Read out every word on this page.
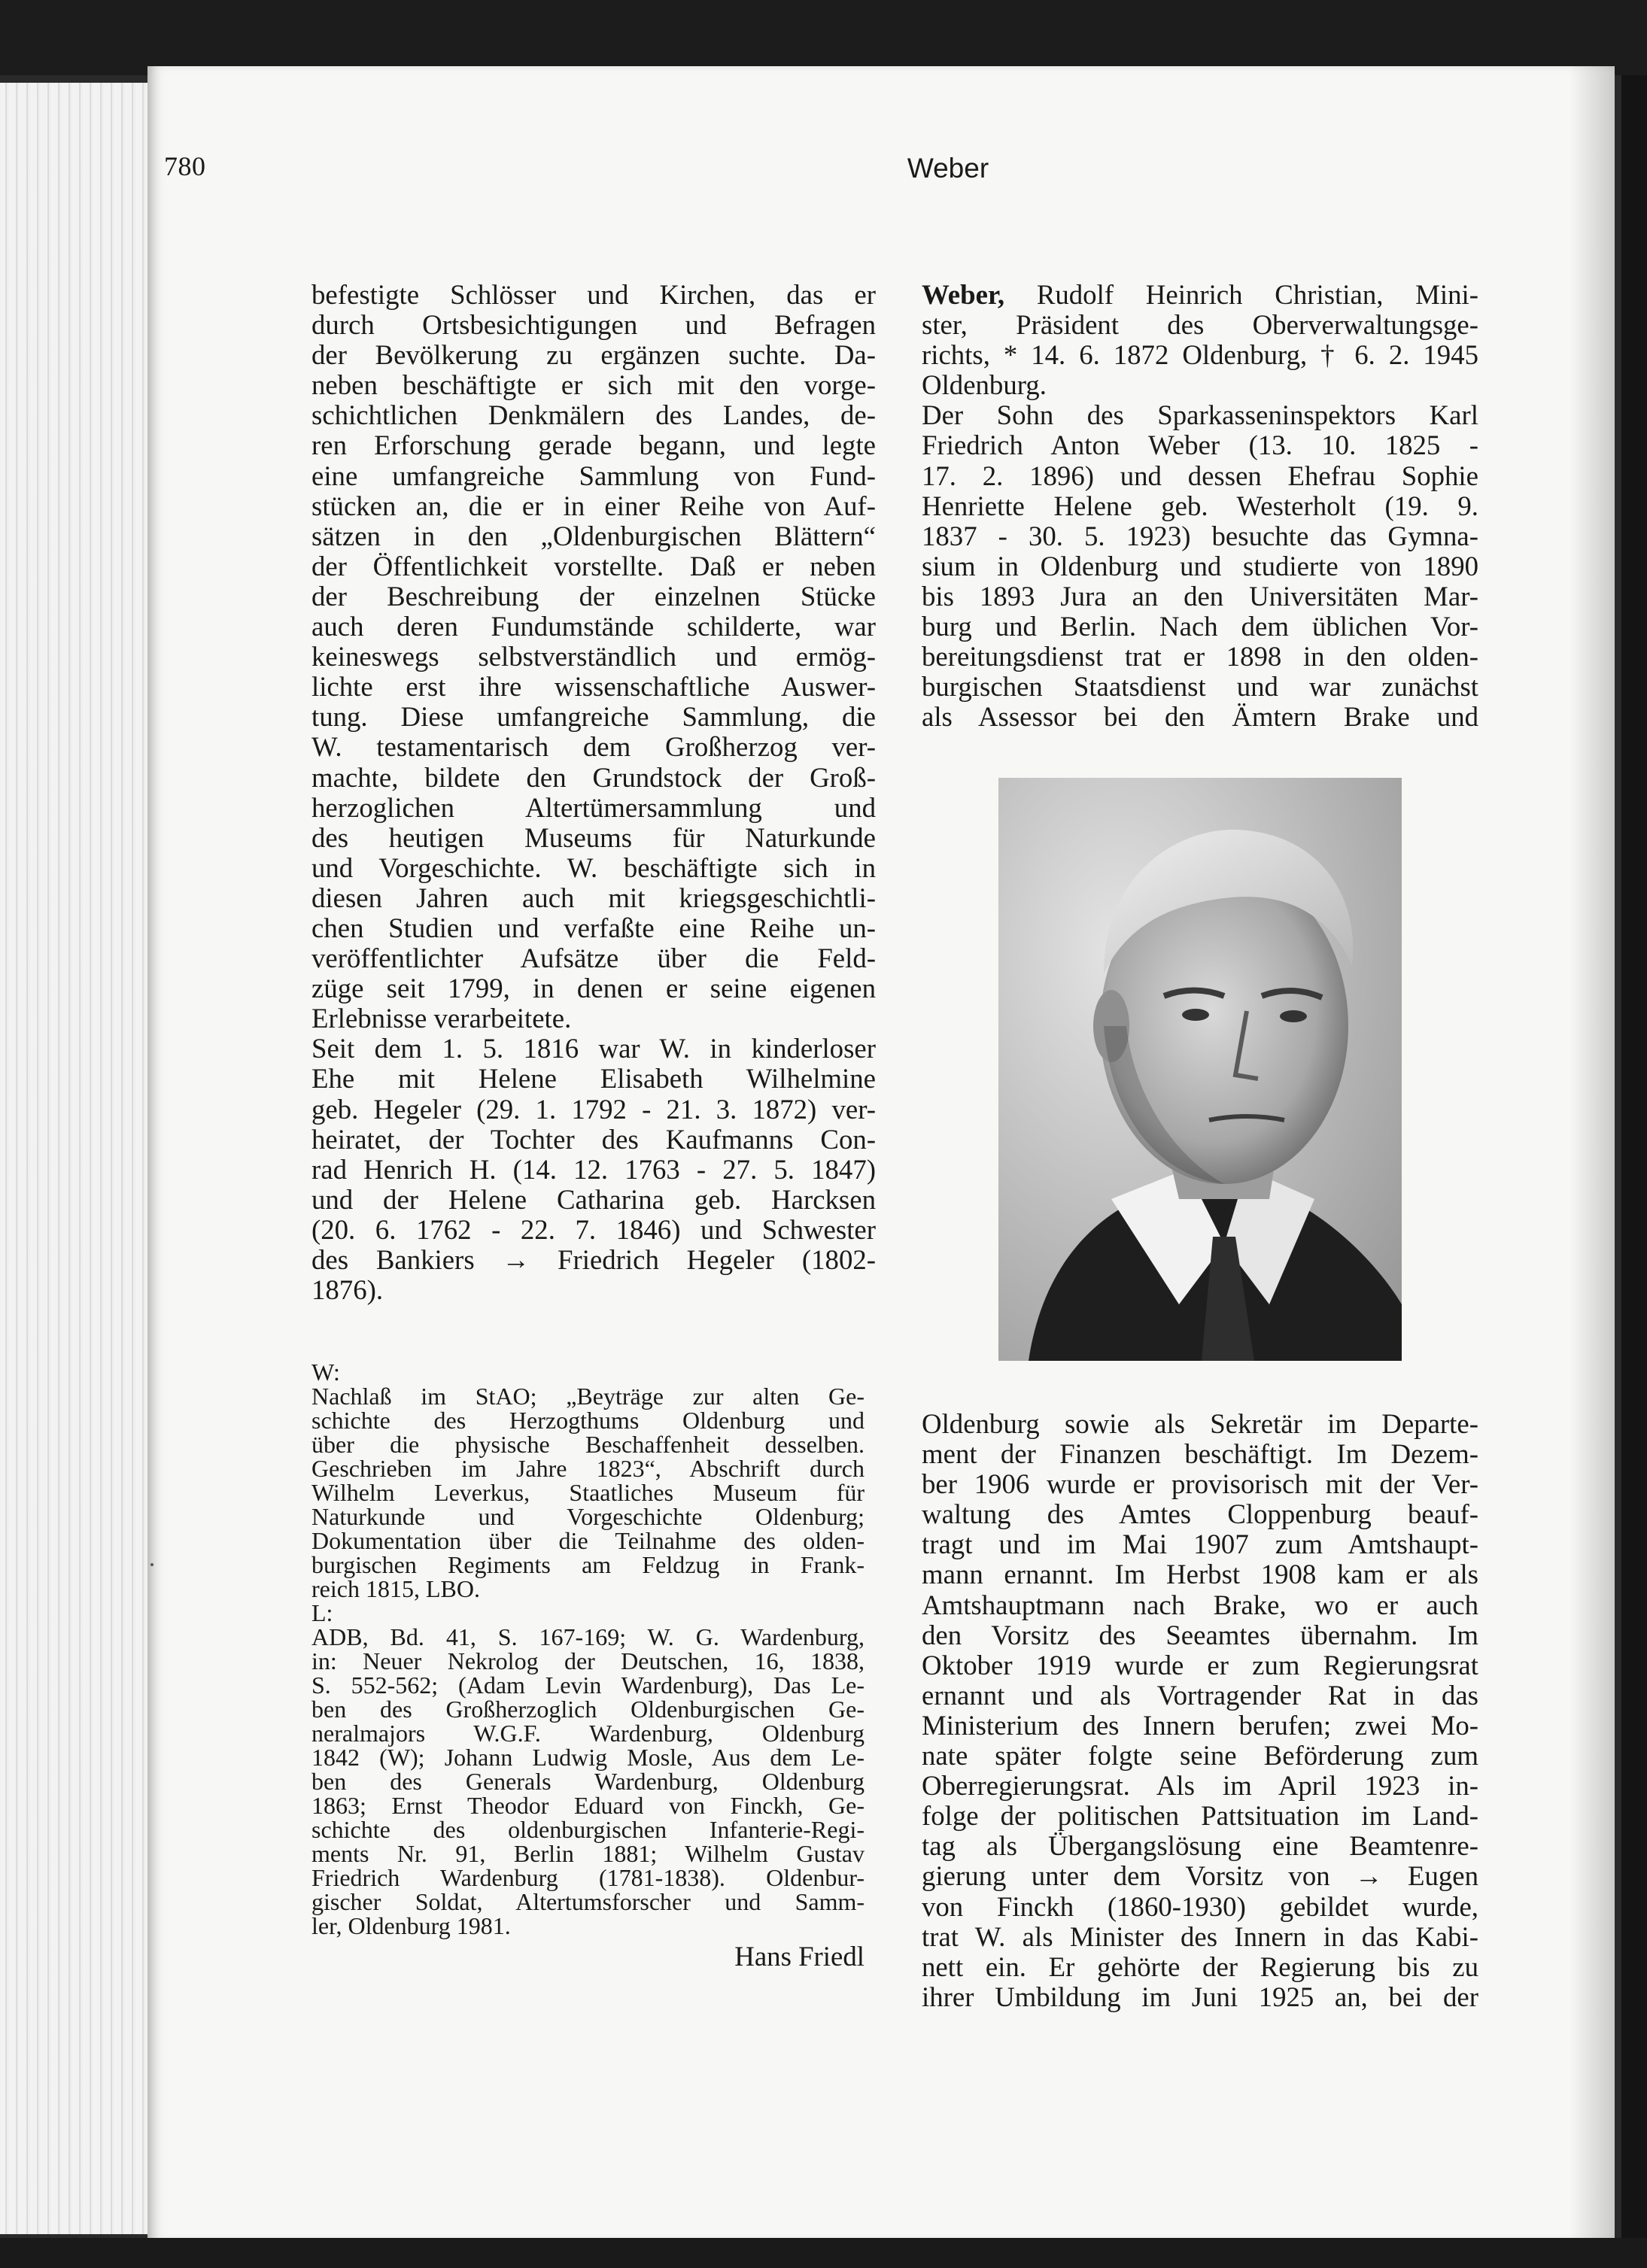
780	Weber

befestigte Schlösser und Kirchen, das er
durch Ortsbesichtigungen und Befragen
der Bevölkerung zu ergänzen suchte. Da-
neben beschäftigte er sich mit den vorge-
schichtlichen Denkmälern des Landes, de-
ren Erforschung gerade begann, und legte
eine umfangreiche Sammlung von Fund-
stücken an, die er in einer Reihe von Auf-
sätzen in den „Oldenburgischen Blättern“
der Öffentlichkeit vorstellte. Daß er neben
der Beschreibung der einzelnen Stücke
auch deren Fundumstände schilderte, war
keineswegs selbstverständlich und ermög-
lichte erst ihre wissenschaftliche Auswer-
tung. Diese umfangreiche Sammlung, die
W. testamentarisch dem Großherzog ver-
machte, bildete den Grundstock der Groß-
herzoglichen Altertümersammlung und
des heutigen Museums für Naturkunde
und Vorgeschichte. W. beschäftigte sich in
diesen Jahren auch mit kriegsgeschichtli-
chen Studien und verfaßte eine Reihe un-
veröffentlichter Aufsätze über die Feld-
züge seit 1799, in denen er seine eigenen
Erlebnisse verarbeitete.
Seit dem 1. 5. 1816 war W. in kinderloser
Ehe mit Helene Elisabeth Wilhelmine
geb. Hegeler (29. 1. 1792 - 21. 3. 1872) ver-
heiratet, der Tochter des Kaufmanns Con-
rad Henrich H. (14. 12. 1763 - 27. 5. 1847)
und der Helene Catharina geb. Harcksen
(20. 6. 1762 - 22. 7. 1846) und Schwester
des Bankiers → Friedrich Hegeler (1802-
1876).
W:
Nachlaß im StAO; „Beyträge zur alten Ge-
schichte des Herzogthums Oldenburg und
über die physische Beschaffenheit desselben.
Geschrieben im Jahre 1823“, Abschrift durch
Wilhelm Leverkus, Staatliches Museum für
Naturkunde und Vorgeschichte Oldenburg;
Dokumentation über die Teilnahme des olden-
burgischen Regiments am Feldzug in Frank-
reich 1815, LBO.
L:
ADB, Bd. 41, S. 167-169; W. G. Wardenburg,
in: Neuer Nekrolog der Deutschen, 16, 1838,
S. 552-562; (Adam Levin Wardenburg), Das Le-
ben des Großherzoglich Oldenburgischen Ge-
neralmajors W.G.F. Wardenburg, Oldenburg
1842 (W); Johann Ludwig Mosle, Aus dem Le-
ben des Generals Wardenburg, Oldenburg
1863; Ernst Theodor Eduard von Finckh, Ge-
schichte des oldenburgischen Infanterie-Regi-
ments Nr. 91, Berlin 1881; Wilhelm Gustav
Friedrich Wardenburg (1781-1838). Oldenbur-
gischer Soldat, Altertumsforscher und Samm-
ler, Oldenburg 1981.
Hans Friedl
Weber, Rudolf Heinrich Christian, Mini-
ster, Präsident des Oberverwaltungsge-
richts, * 14. 6. 1872 Oldenburg, † 6. 2. 1945
Oldenburg.
Der Sohn des Sparkasseninspektors Karl
Friedrich Anton Weber (13. 10. 1825 -
17. 2. 1896) und dessen Ehefrau Sophie
Henriette Helene geb. Westerholt (19. 9.
1837 - 30. 5. 1923) besuchte das Gymna-
sium in Oldenburg und studierte von 1890
bis 1893 Jura an den Universitäten Mar-
burg und Berlin. Nach dem üblichen Vor-
bereitungsdienst trat er 1898 in den olden-
burgischen Staatsdienst und war zunächst
als Assessor bei den Ämtern Brake und
Oldenburg sowie als Sekretär im Departe-
ment der Finanzen beschäftigt. Im Dezem-
ber 1906 wurde er provisorisch mit der Ver-
waltung des Amtes Cloppenburg beauf-
tragt und im Mai 1907 zum Amtshaupt-
mann ernannt. Im Herbst 1908 kam er als
Amtshauptmann nach Brake, wo er auch
den Vorsitz des Seeamtes übernahm. Im
Oktober 1919 wurde er zum Regierungsrat
ernannt und als Vortragender Rat in das
Ministerium des Innern berufen; zwei Mo-
nate später folgte seine Beförderung zum
Oberregierungsrat. Als im April 1923 in-
folge der politischen Pattsituation im Land-
tag als Übergangslösung eine Beamtenre-
gierung unter dem Vorsitz von → Eugen
von Finckh (1860-1930) gebildet wurde,
trat W. als Minister des Innern in das Kabi-
nett ein. Er gehörte der Regierung bis zu
ihrer Umbildung im Juni 1925 an, bei der
